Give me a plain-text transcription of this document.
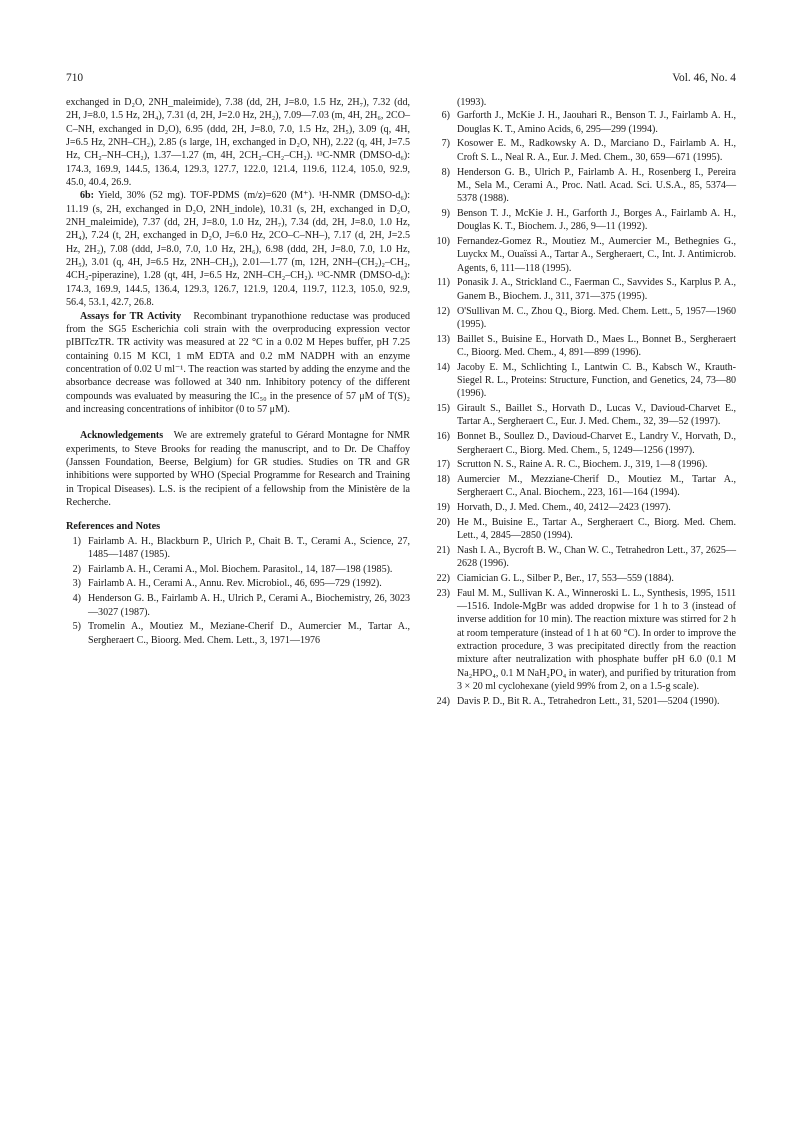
710	Vol. 46, No. 4

exchanged in D₂O, 2NH_maleimide), 7.38 (dd, 2H, J=8.0, 1.5 Hz, 2H₇), 7.32 (dd, 2H, J=8.0, 1.5 Hz, 2H₄), 7.31 (d, 2H, J=2.0 Hz, 2H₂), 7.09—7.03 (m, 4H, 2H₆, 2CO–C–NH, exchanged in D₂O), 6.95 (ddd, 2H, J=8.0, 7.0, 1.5 Hz, 2H₅), 3.09 (q, 4H, J=6.5 Hz, 2NH–CH₂), 2.85 (s large, 1H, exchanged in D₂O, NH), 2.22 (q, 4H, J=7.5 Hz, CH₂–NH–CH₂), 1.37—1.27 (m, 4H, 2CH₂–CH₂–CH₂). ¹³C-NMR (DMSO-d₆): 174.3, 169.9, 144.5, 136.4, 129.3, 127.7, 122.0, 121.4, 119.6, 112.4, 105.0, 92.9, 45.0, 40.4, 26.9.

6b: Yield, 30% (52 mg). TOF-PDMS (m/z)=620 (M⁺). ¹H-NMR (DMSO-d₆): 11.19 (s, 2H, exchanged in D₂O, 2NH_indole), 10.31 (s, 2H, exchanged in D₂O, 2NH_maleimide), 7.37 (dd, 2H, J=8.0, 1.0 Hz, 2H₇), 7.34 (dd, 2H, J=8.0, 1.0 Hz, 2H₄), 7.24 (t, 2H, exchanged in D₂O, J=6.0 Hz, 2CO–C–NH–), 7.17 (d, 2H, J=2.5 Hz, 2H₂), 7.08 (ddd, J=8.0, 7.0, 1.0 Hz, 2H₆), 6.98 (ddd, 2H, J=8.0, 7.0, 1.0 Hz, 2H₅), 3.01 (q, 4H, J=6.5 Hz, 2NH–CH₂), 2.01—1.77 (m, 12H, 2NH–(CH₂)₂–CH₂, 4CH₂-piperazine), 1.28 (qt, 4H, J=6.5 Hz, 2NH–CH₂–CH₂). ¹³C-NMR (DMSO-d₆): 174.3, 169.9, 144.5, 136.4, 129.3, 126.7, 121.9, 120.4, 119.7, 112.3, 105.0, 92.9, 56.4, 53.1, 42.7, 26.8.

Assays for TR Activity Recombinant trypanothione reductase was produced from the SG5 Escherichia coli strain with the overproducing expression vector pIBITczTR. TR activity was measured at 22 °C in a 0.02 M Hepes buffer, pH 7.25 containing 0.15 M KCl, 1 mM EDTA and 0.2 mM NADPH with an enzyme concentration of 0.02 U ml⁻¹. The reaction was started by adding the enzyme and the absorbance decrease was followed at 340 nm. Inhibitory potency of the different compounds was evaluated by measuring the IC₅₀ in the presence of 57 μM of T(S)₂ and increasing concentrations of inhibitor (0 to 57 μM).

Acknowledgements We are extremely grateful to Gérard Montagne for NMR experiments, to Steve Brooks for reading the manuscript, and to Dr. De Chaffoy (Janssen Foundation, Beerse, Belgium) for GR studies. Studies on TR and GR inhibitions were supported by WHO (Special Programme for Research and Training in Tropical Diseases). L.S. is the recipient of a fellowship from the Ministère de la Recherche.

References and Notes
1) Fairlamb A. H., Blackburn P., Ulrich P., Chait B. T., Cerami A., Science, 27, 1485—1487 (1985).
2) Fairlamb A. H., Cerami A., Mol. Biochem. Parasitol., 14, 187—198 (1985).
3) Fairlamb A. H., Cerami A., Annu. Rev. Microbiol., 46, 695—729 (1992).
4) Henderson G. B., Fairlamb A. H., Ulrich P., Cerami A., Biochemistry, 26, 3023—3027 (1987).
5) Tromelin A., Moutiez M., Meziane-Cherif D., Aumercier M., Tartar A., Sergheraert C., Bioorg. Med. Chem. Lett., 3, 1971—1976
(1993).
6) Garforth J., McKie J. H., Jaouhari R., Benson T. J., Fairlamb A. H., Douglas K. T., Amino Acids, 6, 295—299 (1994).
7) Kosower E. M., Radkowsky A. D., Marciano D., Fairlamb A. H., Croft S. L., Neal R. A., Eur. J. Med. Chem., 30, 659—671 (1995).
8) Henderson G. B., Ulrich P., Fairlamb A. H., Rosenberg I., Pereira M., Sela M., Cerami A., Proc. Natl. Acad. Sci. U.S.A., 85, 5374—5378 (1988).
9) Benson T. J., McKie J. H., Garforth J., Borges A., Fairlamb A. H., Douglas K. T., Biochem. J., 286, 9—11 (1992).
10) Fernandez-Gomez R., Moutiez M., Aumercier M., Bethegnies G., Luyckx M., Ouaïssi A., Tartar A., Sergheraert, C., Int. J. Antimicrob. Agents, 6, 111—118 (1995).
11) Ponasik J. A., Strickland C., Faerman C., Savvides S., Karplus P. A., Ganem B., Biochem. J., 311, 371—375 (1995).
12) O'Sullivan M. C., Zhou Q., Biorg. Med. Chem. Lett., 5, 1957—1960 (1995).
13) Baillet S., Buisine E., Horvath D., Maes L., Bonnet B., Sergheraert C., Bioorg. Med. Chem., 4, 891—899 (1996).
14) Jacoby E. M., Schlichting I., Lantwin C. B., Kabsch W., Krauth-Siegel R. L., Proteins: Structure, Function, and Genetics, 24, 73—80 (1996).
15) Girault S., Baillet S., Horvath D., Lucas V., Davioud-Charvet E., Tartar A., Sergheraert C., Eur. J. Med. Chem., 32, 39—52 (1997).
16) Bonnet B., Soullez D., Davioud-Charvet E., Landry V., Horvath, D., Sergheraert C., Biorg. Med. Chem., 5, 1249—1256 (1997).
17) Scrutton N. S., Raine A. R. C., Biochem. J., 319, 1—8 (1996).
18) Aumercier M., Mezziane-Cherif D., Moutiez M., Tartar A., Sergheraert C., Anal. Biochem., 223, 161—164 (1994).
19) Horvath, D., J. Med. Chem., 40, 2412—2423 (1997).
20) He M., Buisine E., Tartar A., Sergheraert C., Biorg. Med. Chem. Lett., 4, 2845—2850 (1994).
21) Nash I. A., Bycroft B. W., Chan W. C., Tetrahedron Lett., 37, 2625—2628 (1996).
22) Ciamician G. L., Silber P., Ber., 17, 553—559 (1884).
23) Faul M. M., Sullivan K. A., Winneroski L. L., Synthesis, 1995, 1511—1516. Indole-MgBr was added dropwise for 1 h to 3 (instead of inverse addition for 10 min). The reaction mixture was stirred for 2 h at room temperature (instead of 1 h at 60 °C). In order to improve the extraction procedure, 3 was precipitated directly from the reaction mixture after neutralization with phosphate buffer pH 6.0 (0.1 M Na₂HPO₄, 0.1 M NaH₂PO₄ in water), and purified by trituration from 3 × 20 ml cyclohexane (yield 99% from 2, on a 1.5-g scale).
24) Davis P. D., Bit R. A., Tetrahedron Lett., 31, 5201—5204 (1990).
